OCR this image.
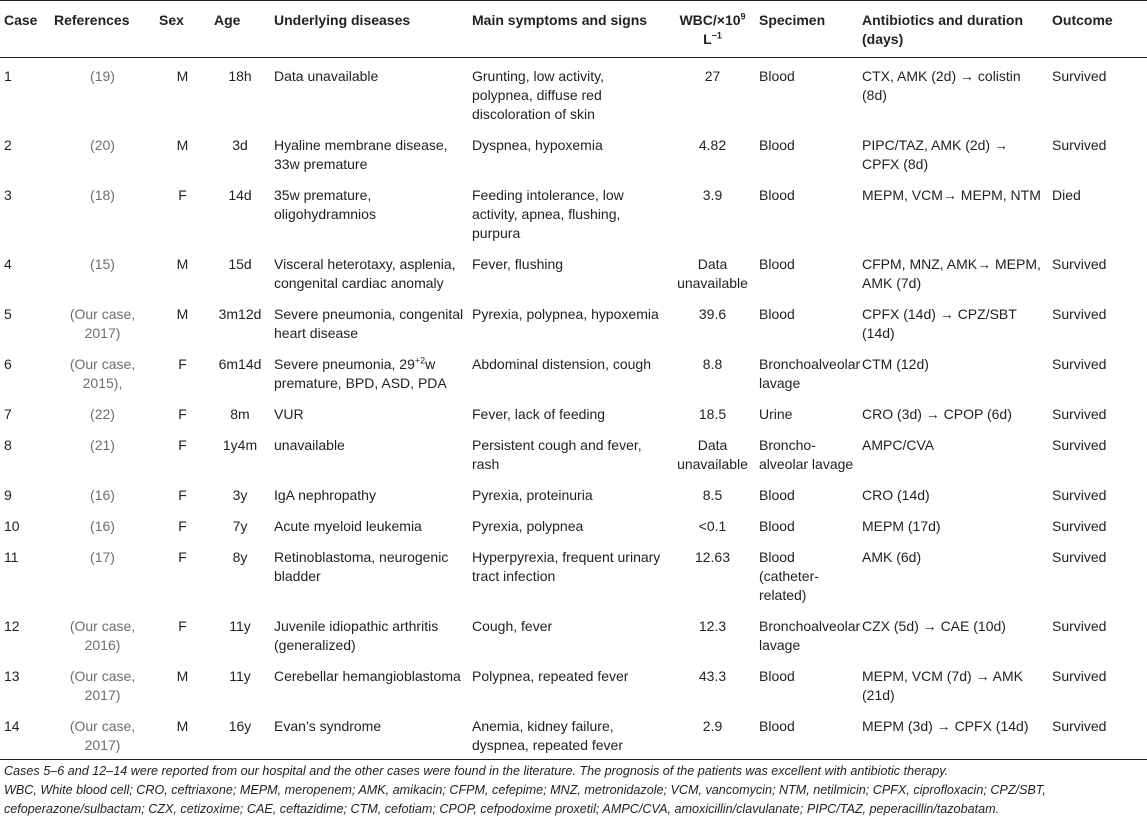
Case	References	Sex	Age	Underlying diseases	Main symptoms and signs	WBC/$\times 10^9$ $L^{-1}$	Specimen	Antibiotics and duration (days)	Outcome
1	(19)	M	18h	Data unavailable	Grunting, low activity, polypnea, diffuse red discoloration of skin	27	Blood	CTX, AMK (2d) → colistin (8d)	Survived
2	(20)	M	3d	Hyaline membrane disease, 33w premature	Dyspnea, hypoxemia	4.82	Blood	PIPC/TAZ, AMK (2d) → CPFX (8d)	Survived
3	(18)	F	14d	35w premature, oligohydramnios	Feeding intolerance, low activity, apnea, flushing, purpura	3.9	Blood	MEPM, VCM→ MEPM, NTM	Died
4	(15)	M	15d	Visceral heterotaxy, asplenia, congenital cardiac anomaly	Fever, flushing	Data unavailable	Blood	CFPM, MNZ, AMK→ MEPM, AMK (7d)	Survived
5	(Our case, 2017)	M	3m12d	Severe pneumonia, congenital heart disease	Pyrexia, polypnea, hypoxemia	39.6	Blood	CPFX (14d) → CPZ/SBT (14d)	Survived
6	(Our case, 2015),	F	6m14d	Severe pneumonia, $29^{+2}w$ premature, BPD, ASD, PDA	Abdominal distension, cough	8.8	Bronchoalveolar lavage	CTM (12d)	Survived
7	(22)	F	8m	VUR	Fever, lack of feeding	18.5	Urine	CRO (3d) → CPOP (6d)	Survived
8	(21)	F	1y4m	unavailable	Persistent cough and fever, rash	Data unavailable	Broncho-alveolar lavage	AMPC/CVA	Survived
9	(16)	F	3y	IgA nephropathy	Pyrexia, proteinuria	8.5	Blood	CRO (14d)	Survived
10	(16)	F	7y	Acute myeloid leukemia	Pyrexia, polypnea	<0.1	Blood	MEPM (17d)	Survived
11	(17)	F	8y	Retinoblastoma, neurogenic bladder	Hyperpyrexia, frequent urinary tract infection	12.63	Blood (catheter-related)	AMK (6d)	Survived
12	(Our case, 2016)	F	11y	Juvenile idiopathic arthritis (generalized)	Cough, fever	12.3	Bronchoalveolar lavage	CZX (5d) → CAE (10d)	Survived
13	(Our case, 2017)	M	11y	Cerebellar hemangioblastoma	Polypnea, repeated fever	43.3	Blood	MEPM, VCM (7d) → AMK (21d)	Survived
14	(Our case, 2017)	M	16y	Evan’s syndrome	Anemia, kidney failure, dyspnea, repeated fever	2.9	Blood	MEPM (3d) → CPFX (14d)	Survived

Cases 5–6 and 12–14 were reported from our hospital and the other cases were found in the literature. The prognosis of the patients was excellent with antibiotic therapy.

WBC, White blood cell; CRO, ceftriaxone; MEPM, meropenem; AMK, amikacin; CFPM, cefepime; MNZ, metronidazole; VCM, vancomycin; NTM, netilmicin; CPFX, ciprofloxacin; CPZ/SBT, cefoperazone/sulbactam; CZX, cetizoxime; CAE, ceftazidime; CTM, cefotiam; CPOP, cefpodoxime proxetil; AMPC/CVA, amoxicillin/clavulanate; PIPC/TAZ, peperacillin/tazobatam.
